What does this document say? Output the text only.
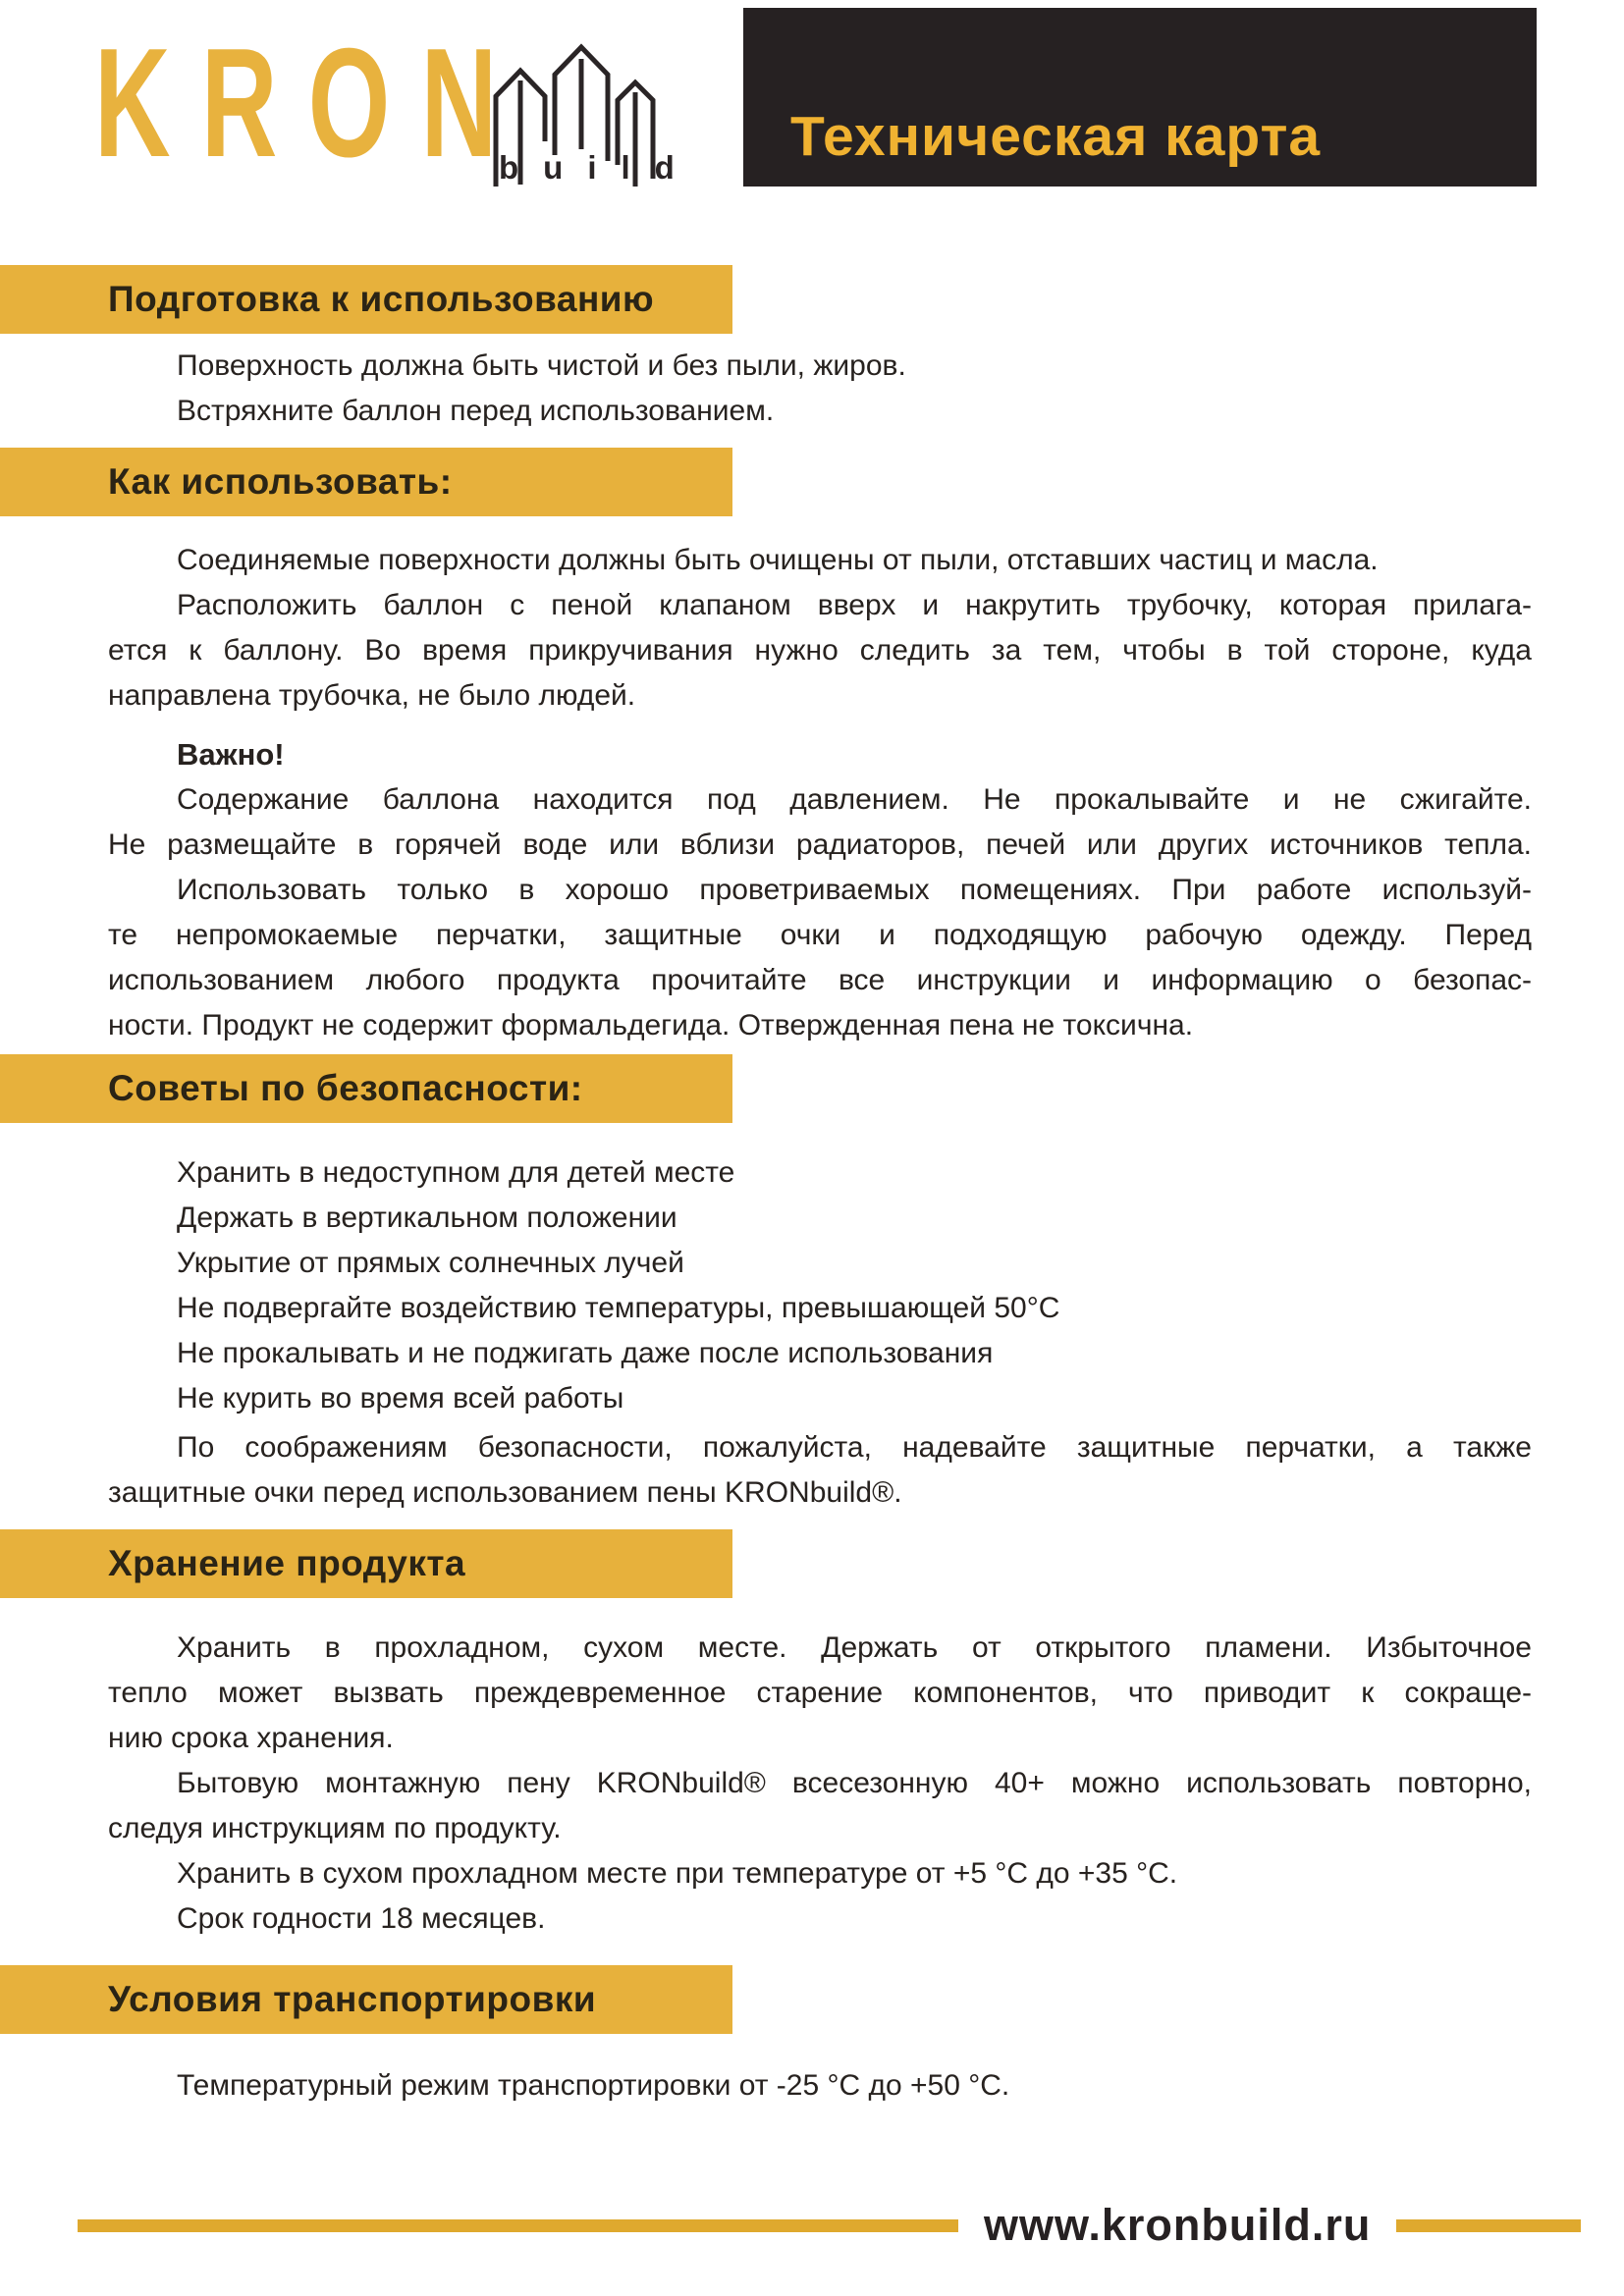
KRON
build Техническая карта
Подготовка к использованию
Поверхность должна быть чистой и без пыли, жиров.
Встряхните баллон перед использованием.
Как использовать:
Соединяемые поверхности должны быть очищены от пыли, отставших частиц и масла.
Расположить баллон с пеной клапаном вверх и накрутить трубочку, которая прилага-
ется к баллону. Во время прикручивания нужно следить за тем, чтобы в той стороне, куда
направлена трубочка, не было людей.
Важно!
Содержание баллона находится под давлением. Не прокалывайте и не сжигайте.
Не размещайте в горячей воде или вблизи радиаторов, печей или других источников тепла.
Использовать только в хорошо проветриваемых помещениях. При работе используй-
те непромокаемые перчатки, защитные очки и подходящую рабочую одежду. Перед
использованием любого продукта прочитайте все инструкции и информацию о безопас-
ности. Продукт не содержит формальдегида. Отвержденная пена не токсична.
Советы по безопасности:
Хранить в недоступном для детей месте
Держать в вертикальном положении
Укрытие от прямых солнечных лучей
Не подвергайте воздействию температуры, превышающей 50°C
Не прокалывать и не поджигать даже после использования
Не курить во время всей работы
По соображениям безопасности, пожалуйста, надевайте защитные перчатки, а также
защитные очки перед использованием пены KRONbuild®.
Хранение продукта
Хранить в прохладном, сухом месте. Держать от открытого пламени. Избыточное
тепло может вызвать преждевременное старение компонентов, что приводит к сокраще-
нию срока хранения.
Бытовую монтажную пену KRONbuild® всесезонную 40+ можно использовать повторно,
следуя инструкциям по продукту.
Хранить в сухом прохладном месте при температуре от +5 °C до +35 °C.
Срок годности 18 месяцев.
Условия транспортировки
Температурный режим транспортировки от -25 °C до +50 °C.
www.kronbuild.ru
